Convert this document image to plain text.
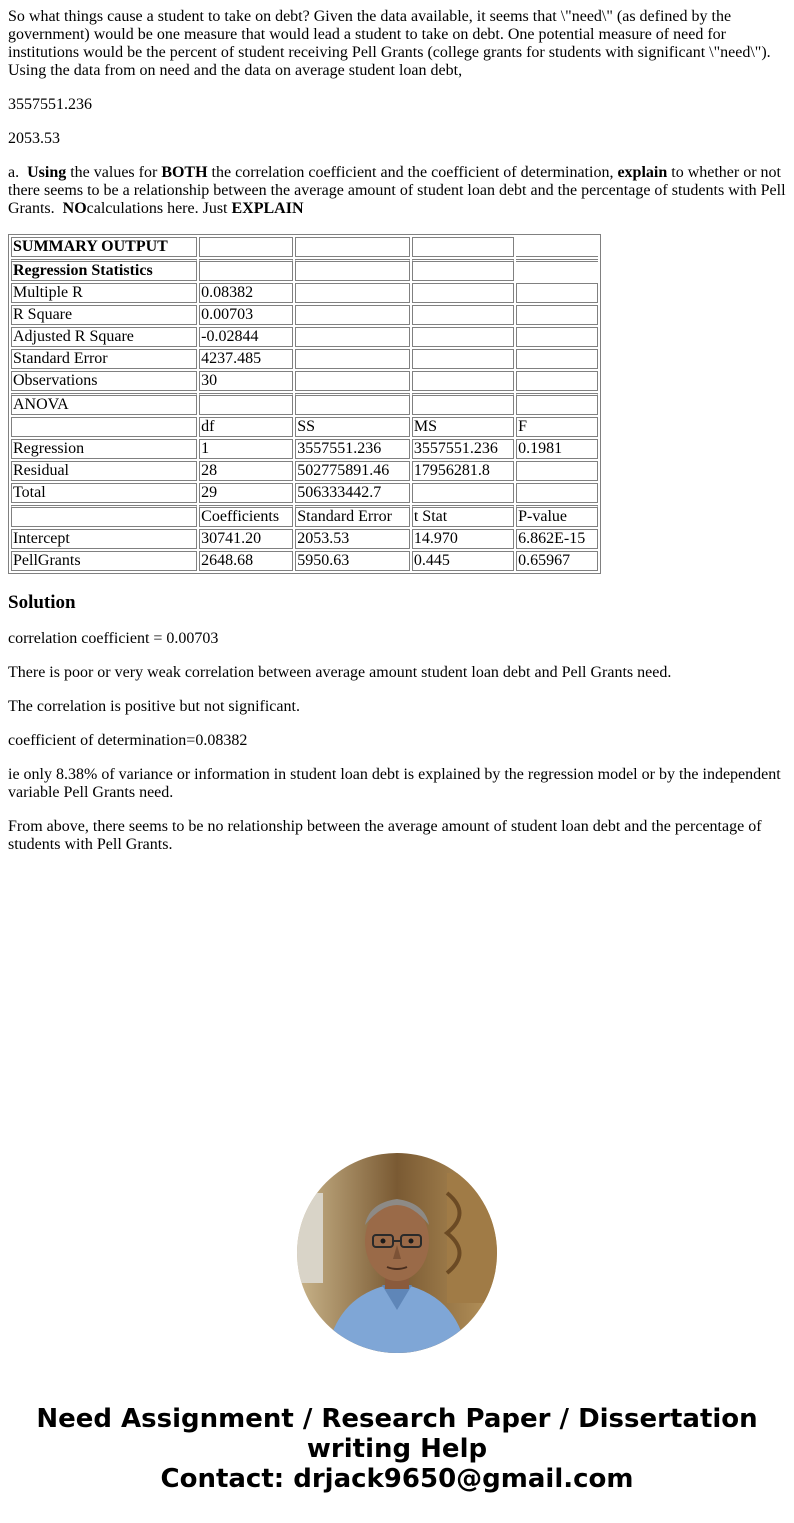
So what things cause a student to take on debt? Given the data available, it seems that \"need\" (as defined by the government) would be one measure that would lead a student to take on debt. One potential measure of need for institutions would be the percent of student receiving Pell Grants (college grants for students with significant \"need\"). Using the data from on need and the data on average student loan debt,

3557551.236

2053.53

a.  Using the values for BOTH the correlation coefficient and the coefficient of determination, explain to whether or not there seems to be a relationship between the average amount of student loan debt and the percentage of students with Pell Grants.  NOcalculations here. Just EXPLAIN

SUMMARY OUTPUT				
Regression Statistics				
Multiple R	0.08382			
R Square	0.00703			
Adjusted R Square	-0.02844			
Standard Error	4237.485			
Observations	30			
ANOVA				
	df	SS	MS	F
Regression	1	3557551.236	3557551.236	0.1981
Residual	28	502775891.46	17956281.8	
Total	29	506333442.7		
	Coefficients	Standard Error	t Stat	P-value
Intercept	30741.20	2053.53	14.970	6.862E-15
PellGrants	2648.68	5950.63	0.445	0.65967
Solution

correlation coefficient = 0.00703

There is poor or very weak correlation between average amount student loan debt and Pell Grants need.

The correlation is positive but not significant.

coefficient of determination=0.08382

ie only 8.38% of variance or information in student loan debt is explained by the regression model or by the independent variable Pell Grants need.

From above, there seems to be no relationship between the average amount of student loan debt and the percentage of students with Pell Grants.

Need Assignment / Research Paper / Dissertation
writing Help
Contact: drjack9650@gmail.com
